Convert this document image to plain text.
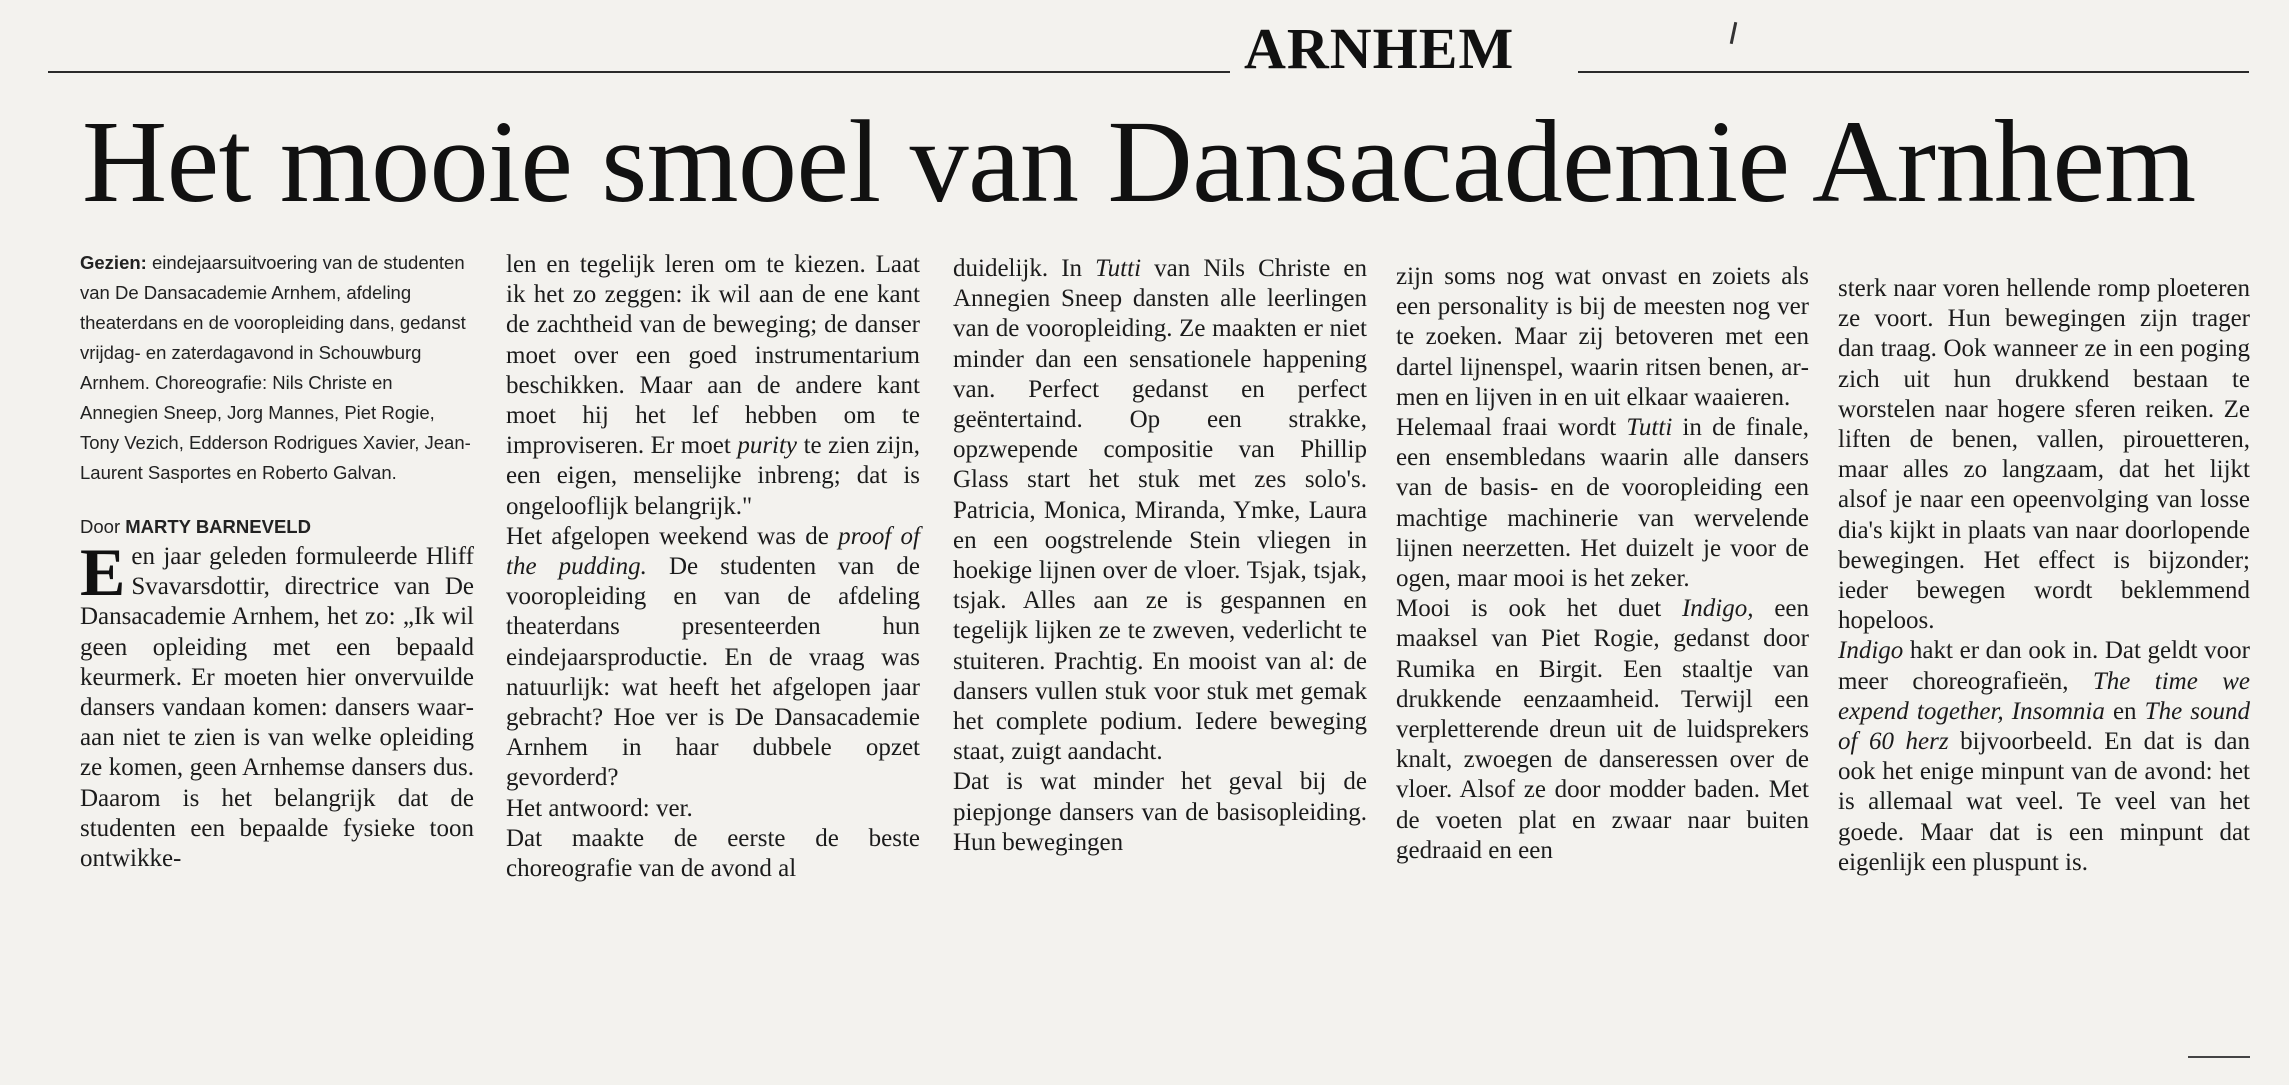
ARNHEM
Het mooie smoel van Dansacademie Arnhem

Gezien: eindejaarsuitvoering van de studenten van De Dansacademie Arnhem, afdeling theaterdans en de vooropleiding dans, gedanst vrijdag- en zaterdagavond in Schouwburg Arnhem. Choreografie: Nils Christe en Annegien Sneep, Jorg Mannes, Piet Rogie, Tony Vezich, Edderson Rodrigues Xavier, Jean-Laurent Sasportes en Roberto Galvan.

Door MARTY BARNEVELD

Een jaar geleden formuleerde Hliff Svavarsdottir, directrice van De Dansacademie Arnhem, het zo: „Ik wil geen opleiding met een bepaald keurmerk. Er moeten hier onvervuilde dansers vandaan komen: dansers waaraan niet te zien is van welke opleiding ze komen, geen Arnhemse dansers dus. Daarom is het belangrijk dat de studenten een bepaalde fysieke toon ontwikke-

len en tegelijk leren om te kiezen. Laat ik het zo zeggen: ik wil aan de ene kant de zachtheid van de beweging; de danser moet over een goed instrumentarium beschikken. Maar aan de andere kant moet hij het lef hebben om te improviseren. Er moet purity te zien zijn, een eigen, menselijke inbreng; dat is ongelooflijk belangrijk."

Het afgelopen weekend was de proof of the pudding. De studenten van de vooropleiding en van de afdeling theaterdans presenteerden hun eindejaarsproductie. En de vraag was natuurlijk: wat heeft het afgelopen jaar gebracht? Hoe ver is De Dansacademie Arnhem in haar dubbele opzet gevorderd?

Het antwoord: ver.

Dat maakte de eerste de beste choreografie van de avond al

duidelijk. In Tutti van Nils Christe en Annegien Sneep dansten alle leerlingen van de vooropleiding. Ze maakten er niet minder dan een sensationele happening van. Perfect gedanst en perfect geëntertaind. Op een strakke, opzwepende compositie van Phillip Glass start het stuk met zes solo's. Patricia, Monica, Miranda, Ymke, Laura en een oogstrelende Stein vliegen in hoekige lijnen over de vloer. Tsjak, tsjak, tsjak. Alles aan ze is gespannen en tegelijk lijken ze te zweven, vederlicht te stuiteren. Prachtig. En mooist van al: de dansers vullen stuk voor stuk met gemak het complete podium. Iedere beweging staat, zuigt aandacht.

Dat is wat minder het geval bij de piepjonge dansers van de basisopleiding. Hun bewegingen

zijn soms nog wat onvast en zoiets als een personality is bij de meesten nog ver te zoeken. Maar zij betoveren met een dartel lijnenspel, waarin ritsen benen, armen en lijven in en uit elkaar waaieren.

Helemaal fraai wordt Tutti in de finale, een ensembledans waarin alle dansers van de basis- en de vooropleiding een machtige machinerie van wervelende lijnen neerzetten. Het duizelt je voor de ogen, maar mooi is het zeker.

Mooi is ook het duet Indigo, een maaksel van Piet Rogie, gedanst door Rumika en Birgit. Een staaltje van drukkende eenzaamheid. Terwijl een verpletterende dreun uit de luidsprekers knalt, zwoegen de danseressen over de vloer. Alsof ze door modder baden. Met de voeten plat en zwaar naar buiten gedraaid en een

sterk naar voren hellende romp ploeteren ze voort. Hun bewegingen zijn trager dan traag. Ook wanneer ze in een poging zich uit hun drukkend bestaan te worstelen naar hogere sferen reiken. Ze liften de benen, vallen, pirouetteren, maar alles zo langzaam, dat het lijkt alsof je naar een opeenvolging van losse dia's kijkt in plaats van naar doorlopende bewegingen. Het effect is bijzonder; ieder bewegen wordt beklemmend hopeloos.

Indigo hakt er dan ook in. Dat geldt voor meer choreografieën, The time we expend together, Insomnia en The sound of 60 herz bijvoorbeeld. En dat is dan ook het enige minpunt van de avond: het is allemaal wat veel. Te veel van het goede. Maar dat is een minpunt dat eigenlijk een pluspunt is.
